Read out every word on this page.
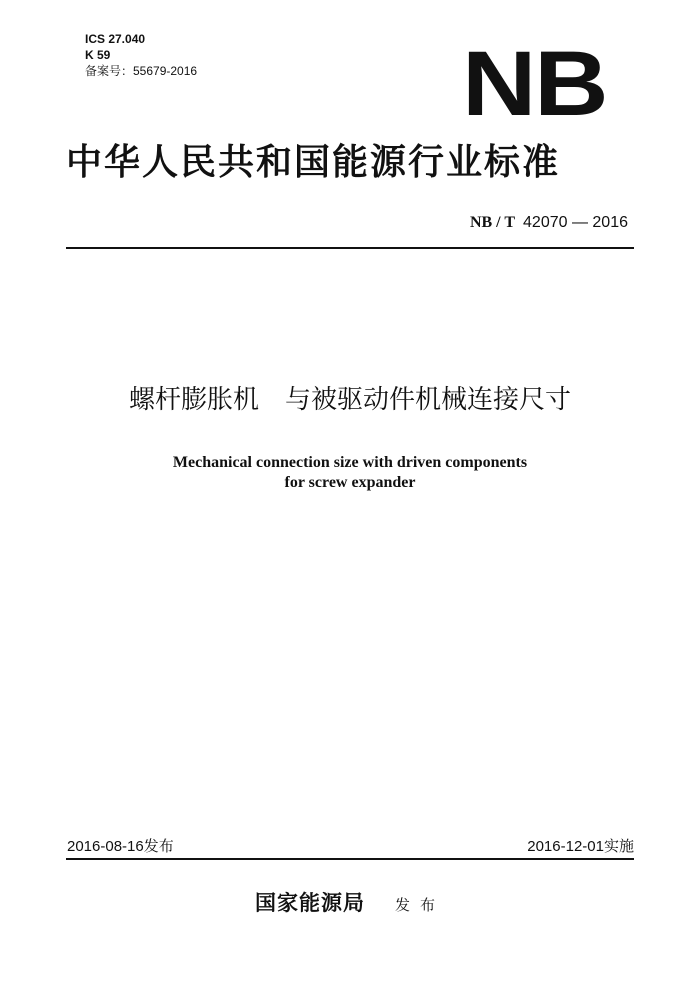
ICS 27.040
K 59
备案号：55679-2016	NB
中华人民共和国能源行业标准
NB / T 42070 — 2016
螺杆膨胀机　与被驱动件机械连接尺寸
Mechanical connection size with driven components
for screw expander
2016-08-16发布	2016-12-01实施
国家能源局 发布
